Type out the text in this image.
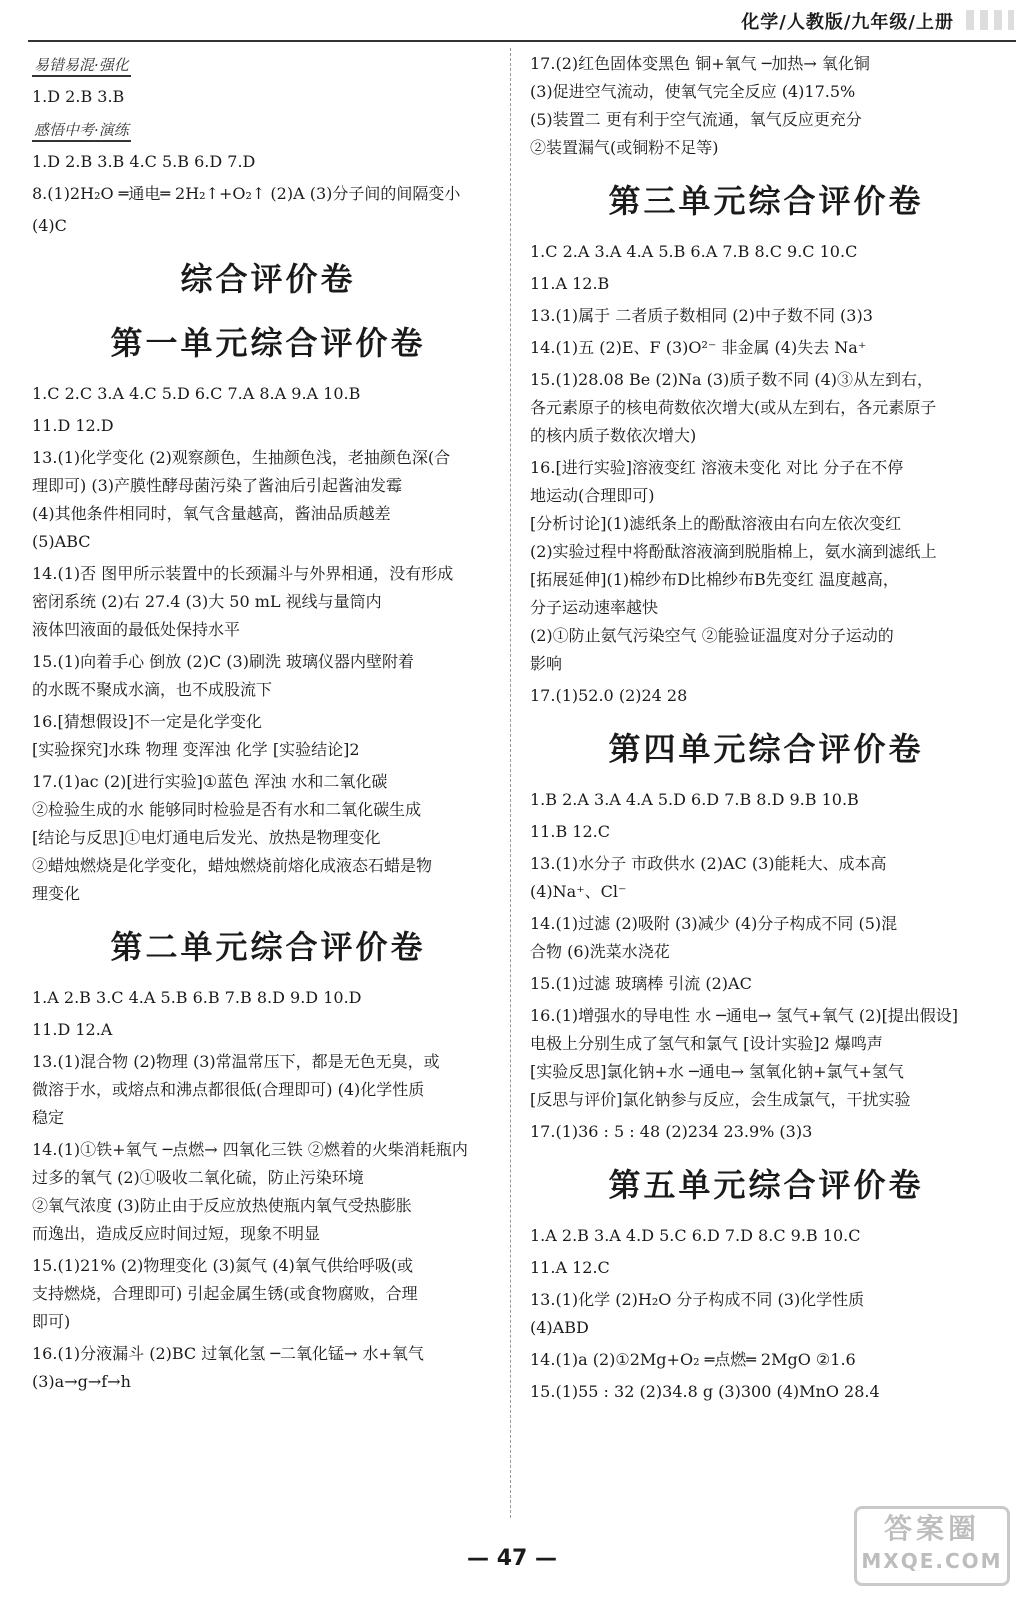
化学/人教版/九年级/上册
易错易混·强化
1.D 2.B 3.B
感悟中考·演练
1.D 2.B 3.B 4.C 5.B 6.D 7.D
8.(1)2H₂O ═通电═ 2H₂↑+O₂↑ (2)A (3)分子间的间隔变小
(4)C
综合评价卷
第一单元综合评价卷
1.C 2.C 3.A 4.C 5.D 6.C 7.A 8.A 9.A 10.B
11.D 12.D
13.(1)化学变化 (2)观察颜色，生抽颜色浅，老抽颜色深(合
理即可) (3)产膜性酵母菌污染了酱油后引起酱油发霉
(4)其他条件相同时，氧气含量越高，酱油品质越差
(5)ABC
14.(1)否 图甲所示装置中的长颈漏斗与外界相通，没有形成
密闭系统 (2)右 27.4 (3)大 50 mL 视线与量筒内
液体凹液面的最低处保持水平
15.(1)向着手心 倒放 (2)C (3)刷洗 玻璃仪器内壁附着
的水既不聚成水滴，也不成股流下
16.[猜想假设]不一定是化学变化
[实验探究]水珠 物理 变浑浊 化学 [实验结论]2
17.(1)ac (2)[进行实验]①蓝色 浑浊 水和二氧化碳
②检验生成的水 能够同时检验是否有水和二氧化碳生成
[结论与反思]①电灯通电后发光、放热是物理变化
②蜡烛燃烧是化学变化，蜡烛燃烧前熔化成液态石蜡是物
理变化
第二单元综合评价卷
1.A 2.B 3.C 4.A 5.B 6.B 7.B 8.D 9.D 10.D
11.D 12.A
13.(1)混合物 (2)物理 (3)常温常压下，都是无色无臭，或
微溶于水，或熔点和沸点都很低(合理即可) (4)化学性质
稳定
14.(1)①铁+氧气 ─点燃→ 四氧化三铁 ②燃着的火柴消耗瓶内
过多的氧气 (2)①吸收二氧化硫，防止污染环境
②氧气浓度 (3)防止由于反应放热使瓶内氧气受热膨胀
而逸出，造成反应时间过短，现象不明显
15.(1)21% (2)物理变化 (3)氮气 (4)氧气供给呼吸(或
支持燃烧，合理即可) 引起金属生锈(或食物腐败，合理
即可)
16.(1)分液漏斗 (2)BC 过氧化氢 ─二氧化锰→ 水+氧气
(3)a→g→f→h
17.(2)红色固体变黑色 铜+氧气 ─加热→ 氧化铜
(3)促进空气流动，使氧气完全反应 (4)17.5%
(5)装置二 更有利于空气流通，氧气反应更充分
②装置漏气(或铜粉不足等)
第三单元综合评价卷
1.C 2.A 3.A 4.A 5.B 6.A 7.B 8.C 9.C 10.C
11.A 12.B
13.(1)属于 二者质子数相同 (2)中子数不同 (3)3
14.(1)五 (2)E、F (3)O²⁻ 非金属 (4)失去 Na⁺
15.(1)28.08 Be (2)Na (3)质子数不同 (4)③从左到右，
各元素原子的核电荷数依次增大(或从左到右，各元素原子
的核内质子数依次增大)
16.[进行实验]溶液变红 溶液未变化 对比 分子在不停
地运动(合理即可)
[分析讨论](1)滤纸条上的酚酞溶液由右向左依次变红
(2)实验过程中将酚酞溶液滴到脱脂棉上，氨水滴到滤纸上
[拓展延伸](1)棉纱布D比棉纱布B先变红 温度越高，
分子运动速率越快
(2)①防止氨气污染空气 ②能验证温度对分子运动的
影响
17.(1)52.0 (2)24 28
第四单元综合评价卷
1.B 2.A 3.A 4.A 5.D 6.D 7.B 8.D 9.B 10.B
11.B 12.C
13.(1)水分子 市政供水 (2)AC (3)能耗大、成本高
(4)Na⁺、Cl⁻
14.(1)过滤 (2)吸附 (3)减少 (4)分子构成不同 (5)混
合物 (6)洗菜水浇花
15.(1)过滤 玻璃棒 引流 (2)AC
16.(1)增强水的导电性 水 ─通电→ 氢气+氧气 (2)[提出假设]
电极上分别生成了氢气和氯气 [设计实验]2 爆鸣声
[实验反思]氯化钠+水 ─通电→ 氢氧化钠+氯气+氢气
[反思与评价]氯化钠参与反应，会生成氯气，干扰实验
17.(1)36 : 5 : 48 (2)234 23.9% (3)3
第五单元综合评价卷
1.A 2.B 3.A 4.D 5.C 6.D 7.D 8.C 9.B 10.C
11.A 12.C
13.(1)化学 (2)H₂O 分子构成不同 (3)化学性质
(4)ABD
14.(1)a (2)①2Mg+O₂ ═点燃═ 2MgO ②1.6
15.(1)55 : 32 (2)34.8 g (3)300 (4)MnO 28.4
— 47 —
答案圈
MXQE.COM
